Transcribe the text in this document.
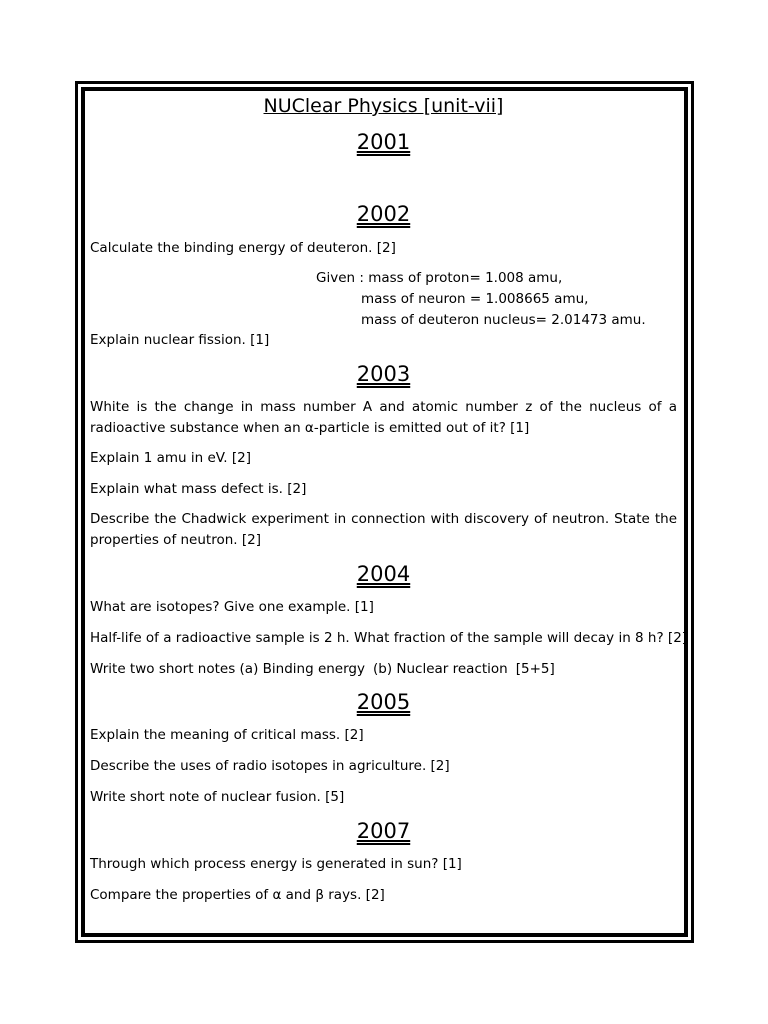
NUClear Physics [unit-vii]
2001
2002
Calculate the binding energy of deuteron. [2]
Given : mass of proton= 1.008 amu,
mass of neuron = 1.008665 amu,
mass of deuteron nucleus= 2.01473 amu.
Explain nuclear fission. [1]
2003
White is the change in mass number A and atomic number z of the nucleus of a radioactive substance when an α-particle is emitted out of it? [1]
Explain 1 amu in eV. [2]
Explain what mass defect is. [2]
Describe the Chadwick experiment in connection with discovery of neutron. State the properties of neutron. [2]
2004
What are isotopes? Give one example. [1]
Half-life of a radioactive sample is 2 h. What fraction of the sample will decay in 8 h? [2]
Write two short notes (a) Binding energy (b) Nuclear reaction [5+5]
2005
Explain the meaning of critical mass. [2]
Describe the uses of radio isotopes in agriculture. [2]
Write short note of nuclear fusion. [5]
2007
Through which process energy is generated in sun? [1]
Compare the properties of α and β rays. [2]
